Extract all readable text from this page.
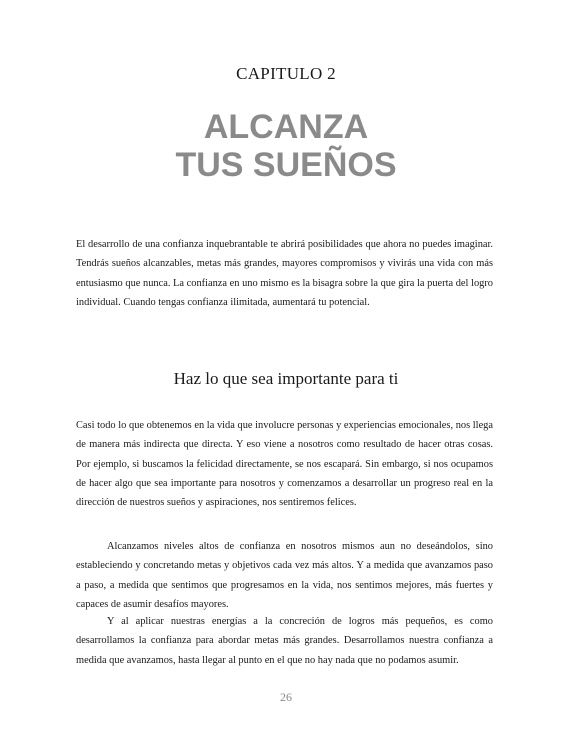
CAPITULO 2
ALCANZA
TUS SUEÑOS

El desarrollo de una confianza inquebrantable te abrirá posibilidades que ahora no puedes imaginar. Tendrás sueños alcanzables, metas más grandes, mayores compromisos y vivirás una vida con más entusiasmo que nunca. La confianza en uno mismo es la bisagra sobre la que gira la puerta del logro individual. Cuando tengas confianza ilimitada, aumentará tu potencial.

Haz lo que sea importante para ti

Casi todo lo que obtenemos en la vida que involucre personas y experiencias emocionales, nos llega de manera más indirecta que directa. Y eso viene a nosotros como resultado de hacer otras cosas. Por ejemplo, si buscamos la felicidad directamente, se nos escapará. Sin embargo, si nos ocupamos de hacer algo que sea importante para nosotros y comenzamos a desarrollar un progreso real en la dirección de nuestros sueños y aspiraciones, nos sentiremos felices.

Alcanzamos niveles altos de confianza en nosotros mismos aun no deseándolos, sino estableciendo y concretando metas y objetivos cada vez más altos. Y a medida que avanzamos paso a paso, a medida que sentimos que progresamos en la vida, nos sentimos mejores, más fuertes y capaces de asumir desafíos mayores.

Y al aplicar nuestras energías a la concreción de logros más pequeños, es como desarrollamos la confianza para abordar metas más grandes. Desarrollamos nuestra confianza a medida que avanzamos, hasta llegar al punto en el que no hay nada que no podamos asumir.

26
